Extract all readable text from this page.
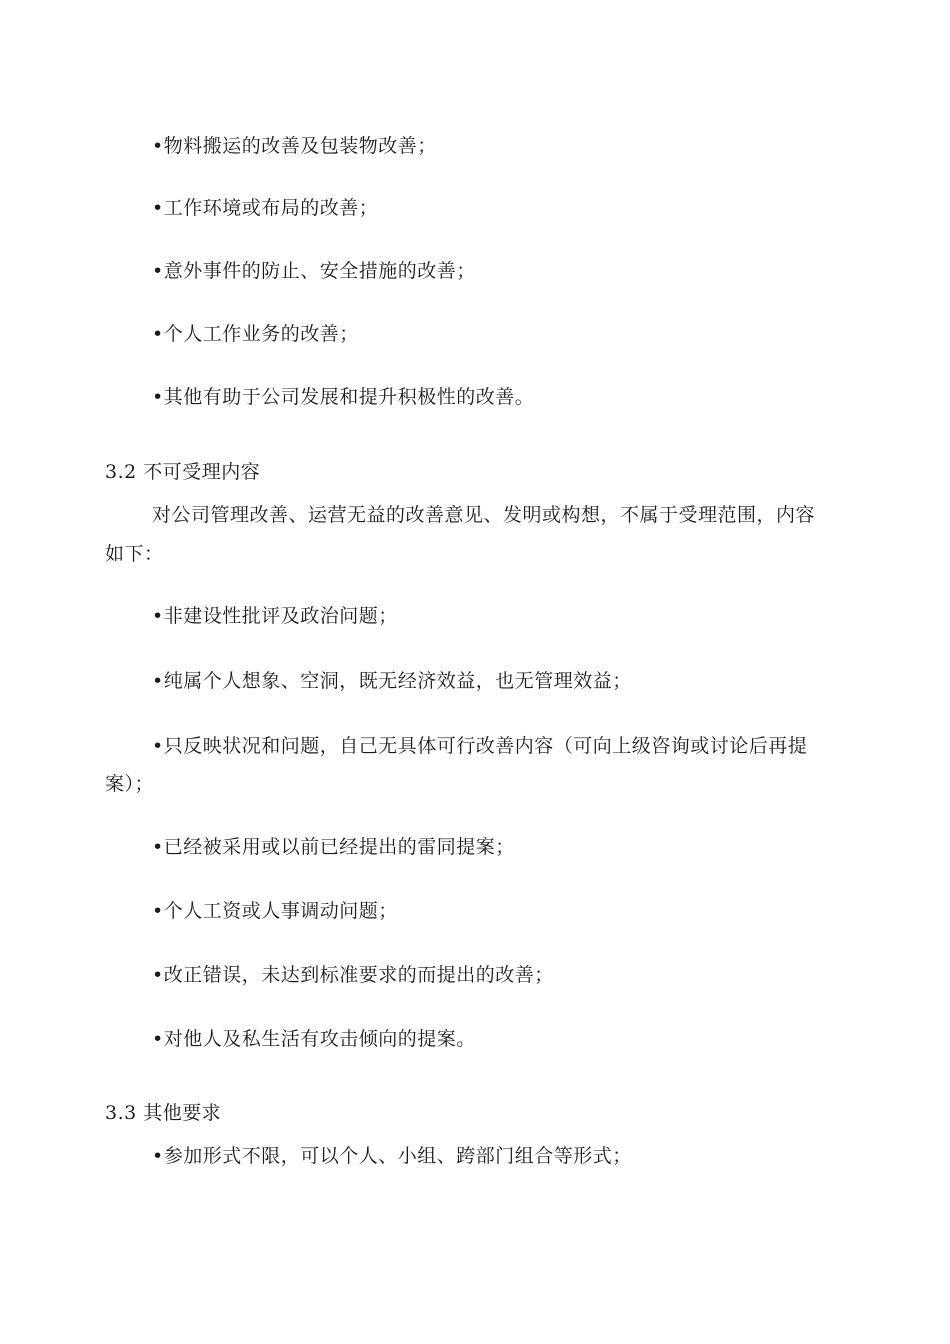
•物料搬运的改善及包装物改善；
•工作环境或布局的改善；
•意外事件的防止、安全措施的改善；
•个人工作业务的改善；
•其他有助于公司发展和提升积极性的改善。
3.2 不可受理内容
对公司管理改善、运营无益的改善意见、发明或构想，不属于受理范围，内容
如下：
•非建设性批评及政治问题；
•纯属个人想象、空洞，既无经济效益，也无管理效益；
•只反映状况和问题，自己无具体可行改善内容（可向上级咨询或讨论后再提
案）；
•已经被采用或以前已经提出的雷同提案；
•个人工资或人事调动问题；
•改正错误，未达到标准要求的而提出的改善；
•对他人及私生活有攻击倾向的提案。
3.3 其他要求
•参加形式不限，可以个人、小组、跨部门组合等形式；
